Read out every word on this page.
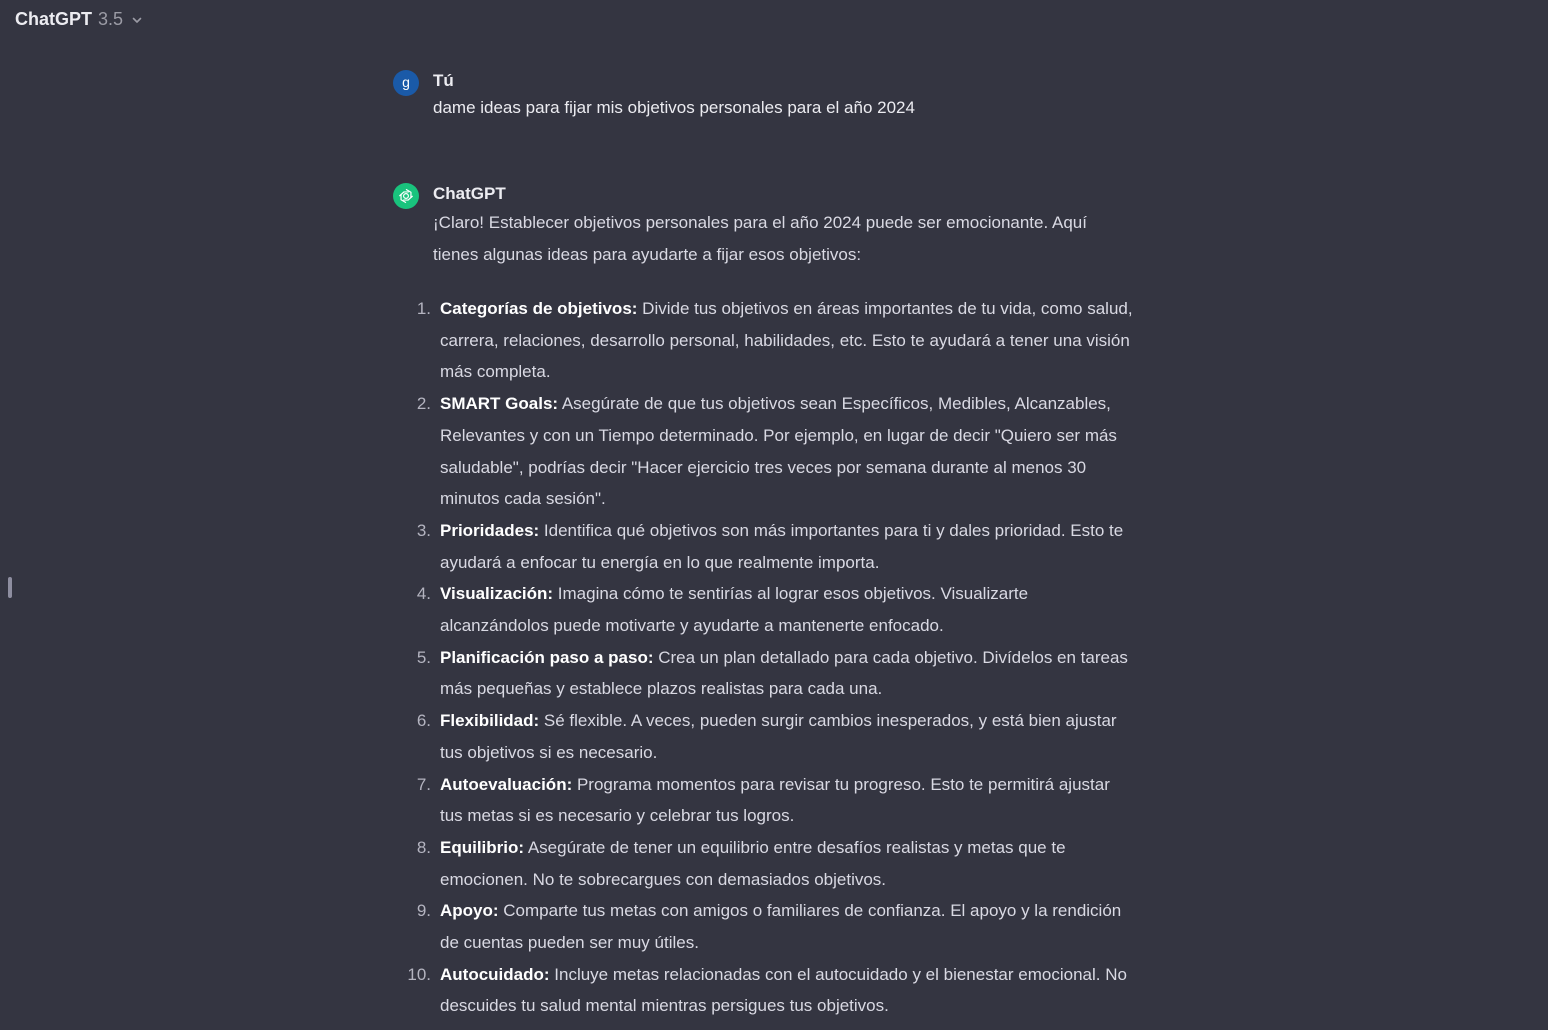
ChatGPT 3.5
g	Tú
dame ideas para fijar mis objetivos personales para el año 2024
ChatGPT
¡Claro! Establecer objetivos personales para el año 2024 puede ser emocionante. Aquí tienes algunas ideas para ayudarte a fijar esos objetivos:
1. Categorías de objetivos: Divide tus objetivos en áreas importantes de tu vida, como salud, carrera, relaciones, desarrollo personal, habilidades, etc. Esto te ayudará a tener una visión más completa.
2. SMART Goals: Asegúrate de que tus objetivos sean Específicos, Medibles, Alcanzables, Relevantes y con un Tiempo determinado. Por ejemplo, en lugar de decir "Quiero ser más saludable", podrías decir "Hacer ejercicio tres veces por semana durante al menos 30 minutos cada sesión".
3. Prioridades: Identifica qué objetivos son más importantes para ti y dales prioridad. Esto te ayudará a enfocar tu energía en lo que realmente importa.
4. Visualización: Imagina cómo te sentirías al lograr esos objetivos. Visualizarte alcanzándolos puede motivarte y ayudarte a mantenerte enfocado.
5. Planificación paso a paso: Crea un plan detallado para cada objetivo. Divídelos en tareas más pequeñas y establece plazos realistas para cada una.
6. Flexibilidad: Sé flexible. A veces, pueden surgir cambios inesperados, y está bien ajustar tus objetivos si es necesario.
7. Autoevaluación: Programa momentos para revisar tu progreso. Esto te permitirá ajustar tus metas si es necesario y celebrar tus logros.
8. Equilibrio: Asegúrate de tener un equilibrio entre desafíos realistas y metas que te emocionen. No te sobrecargues con demasiados objetivos.
9. Apoyo: Comparte tus metas con amigos o familiares de confianza. El apoyo y la rendición de cuentas pueden ser muy útiles.
10. Autocuidado: Incluye metas relacionadas con el autocuidado y el bienestar emocional. No descuides tu salud mental mientras persigues tus objetivos.
